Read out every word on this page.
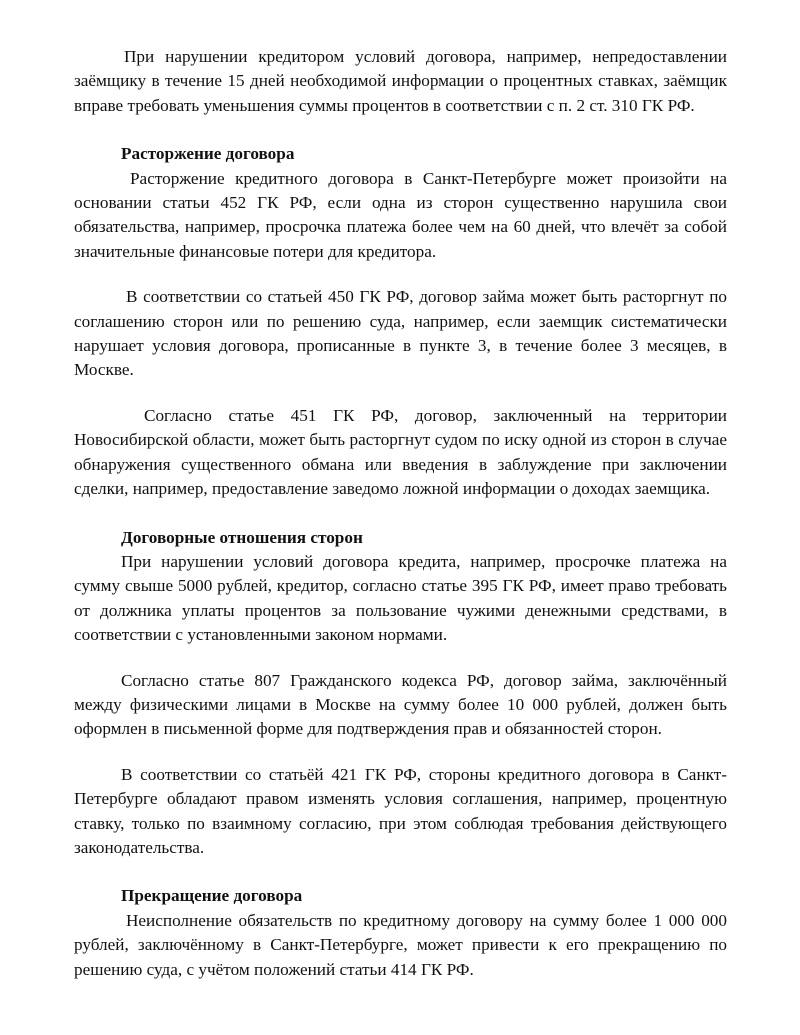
При нарушении кредитором условий договора, например, непредоставлении заёмщику в течение 15 дней необходимой информации о процентных ставках, заёмщик вправе требовать уменьшения суммы процентов в соответствии с п. 2 ст. 310 ГК РФ.

Расторжение договора

Расторжение кредитного договора в Санкт-Петербурге может произойти на основании статьи 452 ГК РФ, если одна из сторон существенно нарушила свои обязательства, например, просрочка платежа более чем на 60 дней, что влечёт за собой значительные финансовые потери для кредитора.

В соответствии со статьей 450 ГК РФ, договор займа может быть расторгнут по соглашению сторон или по решению суда, например, если заемщик систематически нарушает условия договора, прописанные в пункте 3, в течение более 3 месяцев, в Москве.

Согласно статье 451 ГК РФ, договор, заключенный на территории Новосибирской области, может быть расторгнут судом по иску одной из сторон в случае обнаружения существенного обмана или введения в заблуждение при заключении сделки, например, предоставление заведомо ложной информации о доходах заемщика.

Договорные отношения сторон

При нарушении условий договора кредита, например, просрочке платежа на сумму свыше 5000 рублей, кредитор, согласно статье 395 ГК РФ, имеет право требовать от должника уплаты процентов за пользование чужими денежными средствами, в соответствии с установленными законом нормами.

Согласно статье 807 Гражданского кодекса РФ, договор займа, заключённый между физическими лицами в Москве на сумму более 10 000 рублей, должен быть оформлен в письменной форме для подтверждения прав и обязанностей сторон.

В соответствии со статьёй 421 ГК РФ, стороны кредитного договора в Санкт-Петербурге обладают правом изменять условия соглашения, например, процентную ставку, только по взаимному согласию, при этом соблюдая требования действующего законодательства.

Прекращение договора

Неисполнение обязательств по кредитному договору на сумму более 1 000 000 рублей, заключённому в Санкт-Петербурге, может привести к его прекращению по решению суда, с учётом положений статьи 414 ГК РФ.
